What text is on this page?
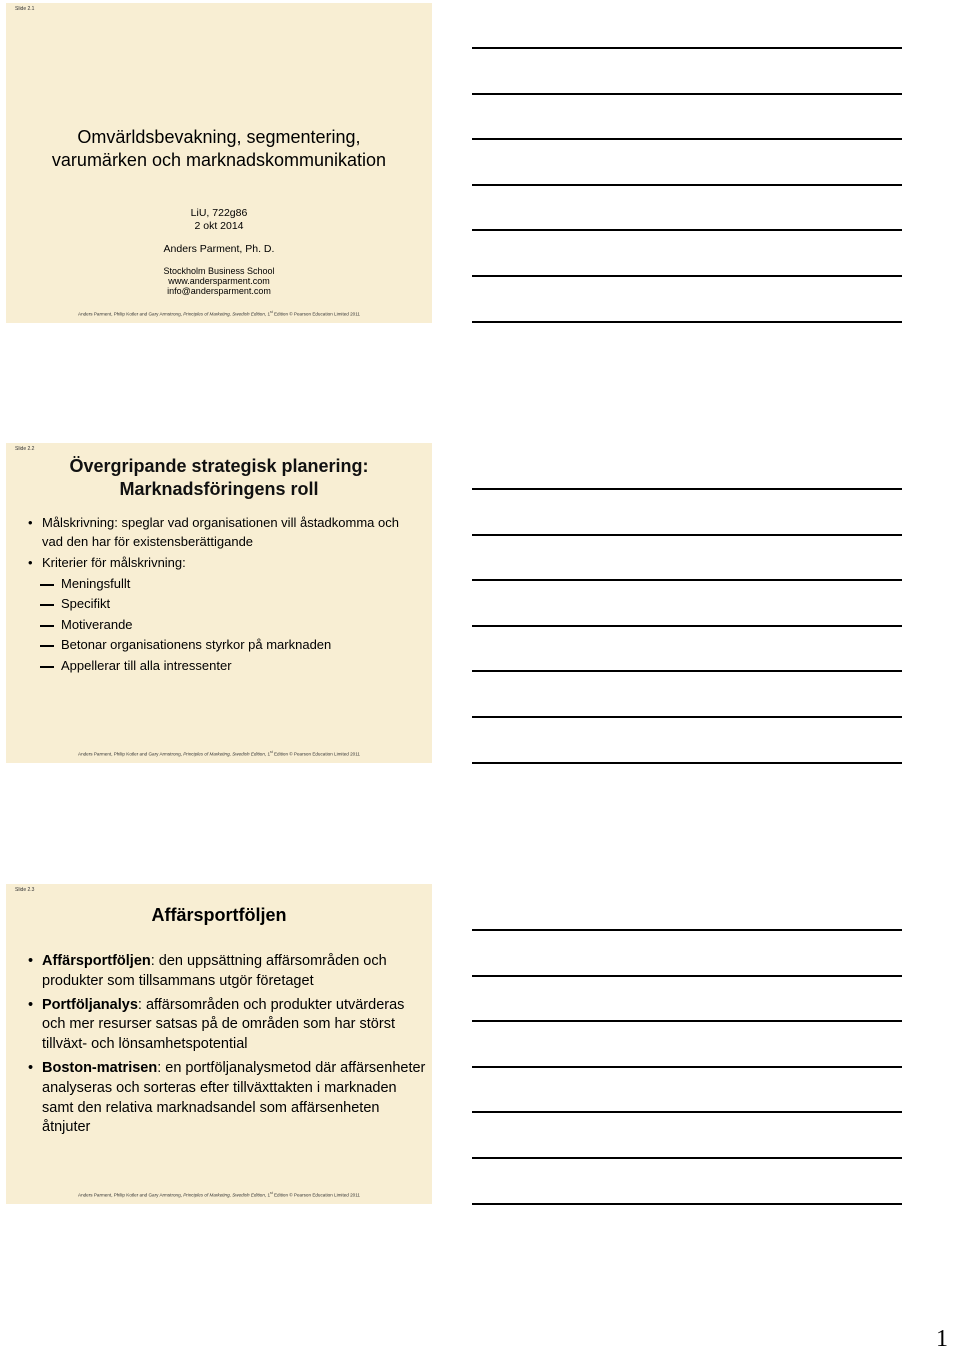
Slide 2.1
Omvärldsbevakning, segmentering,
varumärken och marknadskommunikation
LiU, 722g86
2 okt 2014
Anders Parment, Ph. D.
Stockholm Business School
www.andersparment.com
info@andersparment.com
Anders Parment, Philip Kotler and Gary Armstrong, Principles of Marketing, Swedish Edition, 1st Edition © Pearson Education Limited 2011
Slide 2.2
Övergripande strategisk planering:
Marknadsföringens roll
• Målskrivning: speglar vad organisationen vill åstadkomma och vad den har för existensberättigande
• Kriterier för målskrivning:
Meningsfullt
Specifikt
Motiverande
Betonar organisationens styrkor på marknaden
Appellerar till alla intressenter
Anders Parment, Philip Kotler and Gary Armstrong, Principles of Marketing, Swedish Edition, 1st Edition © Pearson Education Limited 2011
Slide 2.3
Affärsportföljen
• Affärsportföljen: den uppsättning affärsområden och produkter som tillsammans utgör företaget
• Portföljanalys: affärsområden och produkter utvärderas och mer resurser satsas på de områden som har störst tillväxt- och lönsamhetspotential
• Boston-matrisen: en portföljanalysmetod där affärsenheter analyseras och sorteras efter tillväxttakten i marknaden samt den relativa marknadsandel som affärsenheten åtnjuter
Anders Parment, Philip Kotler and Gary Armstrong, Principles of Marketing, Swedish Edition, 1st Edition © Pearson Education Limited 2011
1
